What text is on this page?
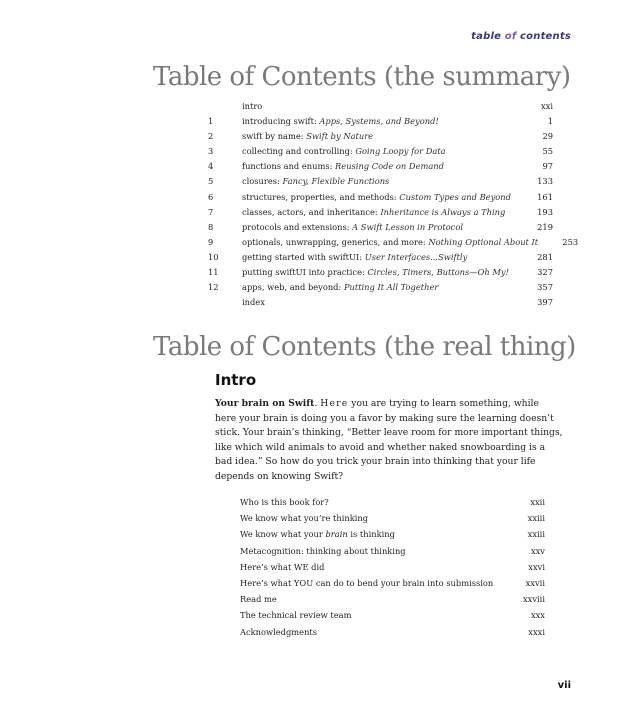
table of contents
Table of Contents (the summary)
intro	xxi
1	introducing swift: Apps, Systems, and Beyond!	1
2	swift by name: Swift by Nature	29
3	collecting and controlling: Going Loopy for Data	55
4	functions and enums: Reusing Code on Demand	97
5	closures: Fancy, Flexible Functions	133
6	structures, properties, and methods: Custom Types and Beyond	161
7	classes, actors, and inheritance: Inheritance is Always a Thing	193
8	protocols and extensions: A Swift Lesson in Protocol	219
9	optionals, unwrapping, generics, and more: Nothing Optional About It	253
10	getting started with swiftUI: User Interfaces...Swiftly	281
11	putting swiftUI into practice: Circles, Timers, Buttons—Oh My!	327
12	apps, web, and beyond: Putting It All Together	357
index	397
Table of Contents (the real thing)
Intro
Your brain on Swift. Here you are trying to learn something, while here your brain is doing you a favor by making sure the learning doesn’t stick. Your brain’s thinking, “Better leave room for more important things, like which wild animals to avoid and whether naked snowboarding is a bad idea.” So how do you trick your brain into thinking that your life depends on knowing Swift?
Who is this book for?	xxii
We know what you’re thinking	xxiii
We know what your brain is thinking	xxiii
Metacognition: thinking about thinking	xxv
Here’s what WE did	xxvi
Here’s what YOU can do to bend your brain into submission	xxvii
Read me	xxviii
The technical review team	xxx
Acknowledgments	xxxi
vii
